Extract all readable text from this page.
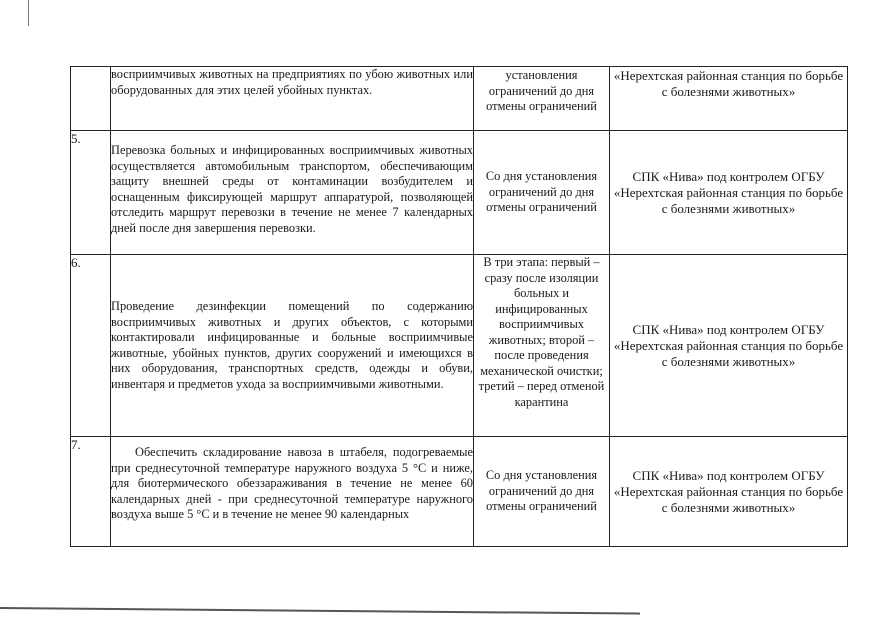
	восприимчивых животных на предприятиях по убою животных или оборудованных для этих целей убойных пунктах.	установления ограничений до дня отмены ограничений	«Нерехтская районная станция по борьбе с болезнями животных»
5.	Перевозка больных и инфицированных восприимчивых животных осуществляется автомобильным транспортом, обеспечивающим защиту внешней среды от контаминации возбудителем и оснащенным фиксирующей маршрут аппаратурой, позволяющей отследить маршрут перевозки в течение не менее 7 календарных дней после дня завершения перевозки.	Со дня установления ограничений до дня отмены ограничений	СПК «Нива» под контролем ОГБУ «Нерехтская районная станция по борьбе с болезнями животных»
6.	Проведение дезинфекции помещений по содержанию восприимчивых животных и других объектов, с которыми контактировали инфицированные и больные восприимчивые животные, убойных пунктов, других сооружений и имеющихся в них оборудования, транспортных средств, одежды и обуви, инвентаря и предметов ухода за восприимчивыми животными.	В три этапа: первый – сразу после изоляции больных и инфицированных восприимчивых животных; второй – после проведения механической очистки; третий – перед отменой карантина	СПК «Нива» под контролем ОГБУ «Нерехтская районная станция по борьбе с болезнями животных»
7.	Обеспечить складирование навоза в штабеля, подогреваемые при среднесуточной температуре наружного воздуха 5 °С и ниже, для биотермического обеззараживания в течение не менее 60 календарных дней - при среднесуточной температуре наружного воздуха выше 5 °С и в течение не менее 90 календарных	Со дня установления ограничений до дня отмены ограничений	СПК «Нива» под контролем ОГБУ «Нерехтская районная станция по борьбе с болезнями животных»
